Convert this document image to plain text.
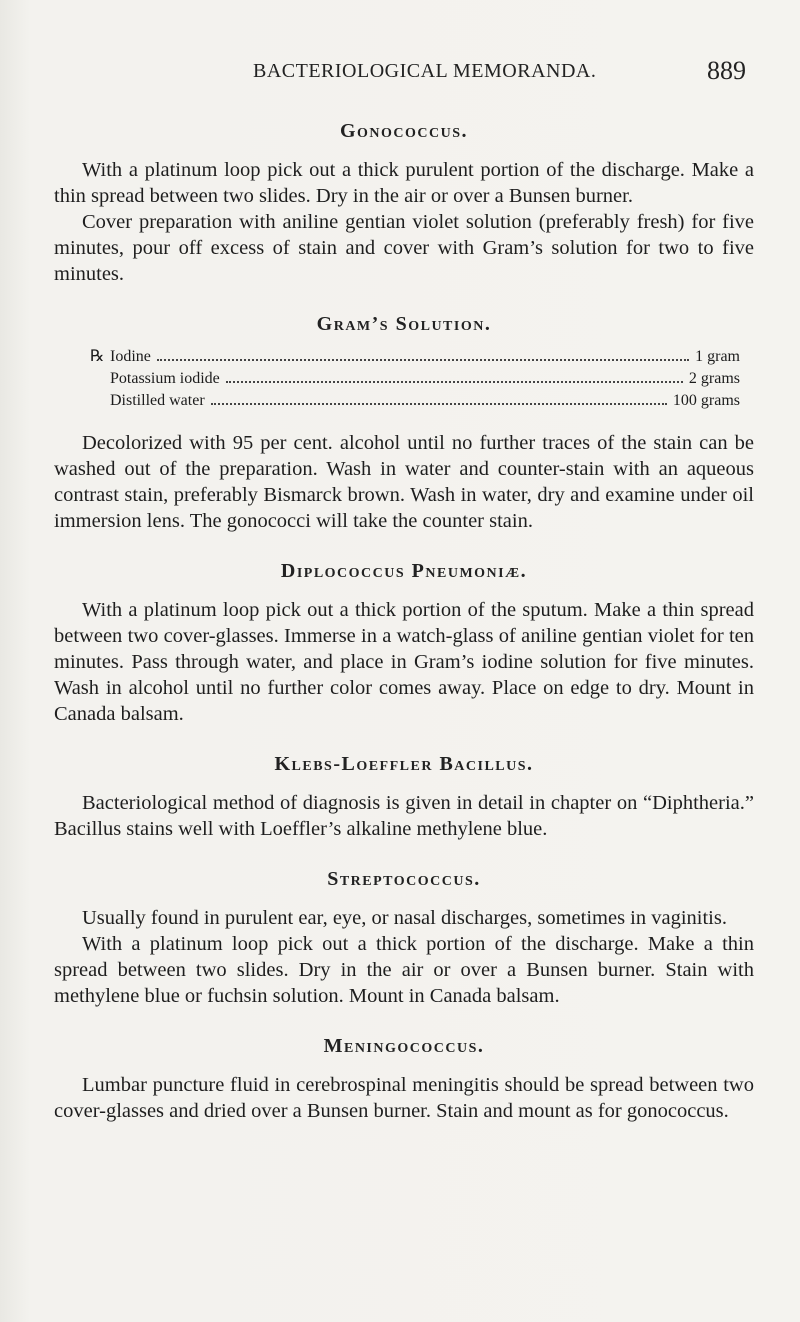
BACTERIOLOGICAL MEMORANDA.	889
Gonococcus.

With a platinum loop pick out a thick purulent portion of the discharge. Make a thin spread between two slides. Dry in the air or over a Bunsen burner.

Cover preparation with aniline gentian violet solution (preferably fresh) for five minutes, pour off excess of stain and cover with Gram’s solution for two to five minutes.

Gram’s Solution.
℞ Iodine	1 gram
Potassium iodide	2 grams
Distilled water	100 grams

Decolorized with 95 per cent. alcohol until no further traces of the stain can be washed out of the preparation. Wash in water and counter-stain with an aqueous contrast stain, preferably Bismarck brown. Wash in water, dry and examine under oil immersion lens. The gonococci will take the counter stain.

Diplococcus Pneumoniæ.

With a platinum loop pick out a thick portion of the sputum. Make a thin spread between two cover-glasses. Immerse in a watch-glass of aniline gentian violet for ten minutes. Pass through water, and place in Gram’s iodine solution for five minutes. Wash in alcohol until no further color comes away. Place on edge to dry. Mount in Canada balsam.

Klebs-Loeffler Bacillus.

Bacteriological method of diagnosis is given in detail in chapter on “Diphtheria.” Bacillus stains well with Loeffler’s alkaline methylene blue.

Streptococcus.

Usually found in purulent ear, eye, or nasal discharges, sometimes in vaginitis.

With a platinum loop pick out a thick portion of the discharge. Make a thin spread between two slides. Dry in the air or over a Bunsen burner. Stain with methylene blue or fuchsin solution. Mount in Canada balsam.

Meningococcus.

Lumbar puncture fluid in cerebrospinal meningitis should be spread between two cover-glasses and dried over a Bunsen burner. Stain and mount as for gonococcus.
